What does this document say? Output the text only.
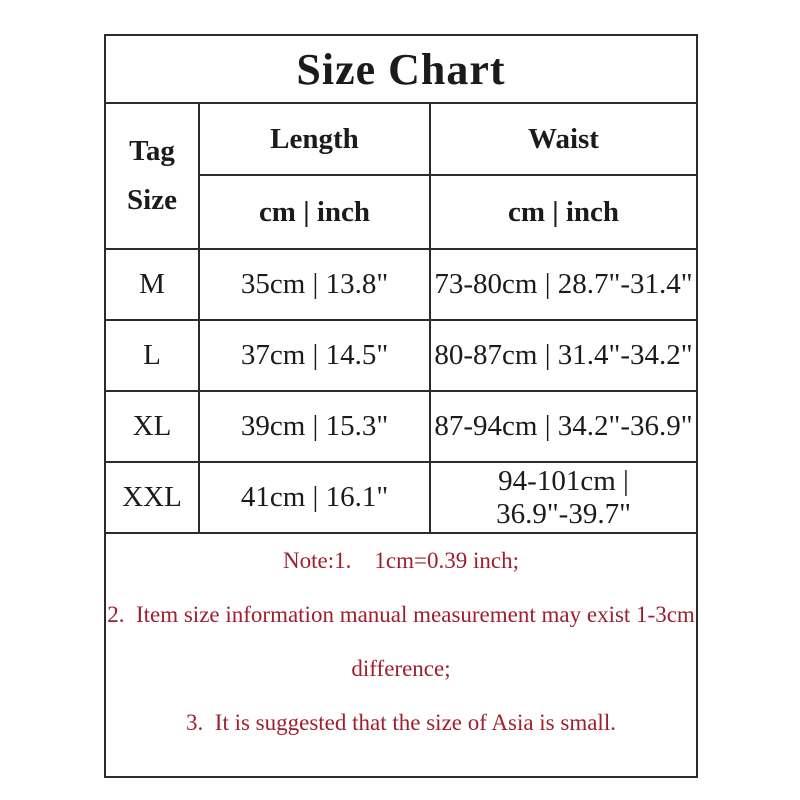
Size Chart		

Tag
Size	Length	Waist
	cm | inch	cm | inch
M	35cm | 13.8"	73-80cm | 28.7"-31.4"
L	37cm | 14.5"	80-87cm | 31.4"-34.2"
XL	39cm | 15.3"	87-94cm | 34.2"-36.9"
XXL	41cm | 16.1"	94-101cm | 36.9"-39.7"

Note:1.    1cm=0.39 inch;
2.  Item size information manual measurement may exist 1-3cm
difference;
3.  It is suggested that the size of Asia is small.		
